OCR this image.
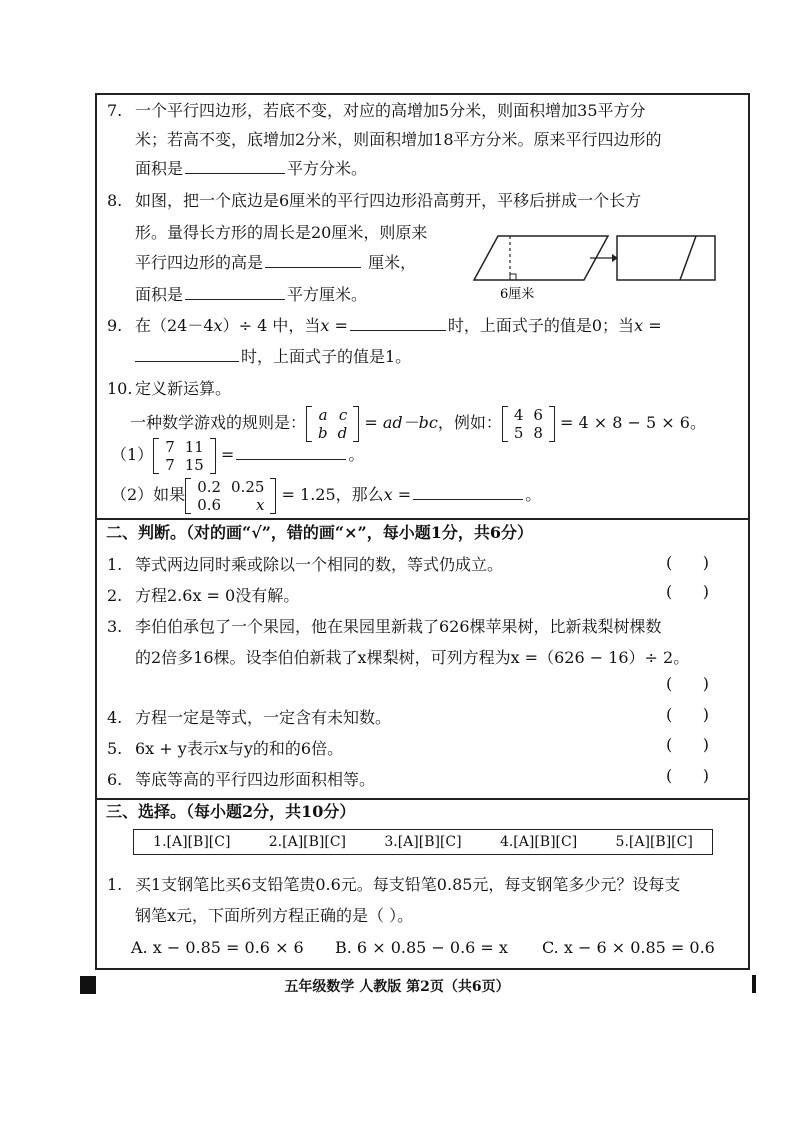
7. 一个平行四边形，若底不变，对应的高增加5分米，则面积增加35平方分
米；若高不变，底增加2分米，则面积增加18平方分米。原来平行四边形的
面积是	平方分米。
8. 如图，把一个底边是6厘米的平行四边形沿高剪开，平移后拼成一个长方
形。量得长方形的周长是20厘米，则原来
平行四边形的高是	厘米，
面积是	平方厘米。	6厘米
9. 在（24－4x）÷ 4 中，当x =	时，上面式子的值是0；当x =
时，上面式子的值是1。
10. 定义新运算。
一种数学游戏的规则是： a	c
b	d
= ad－bc，例如： 4	6
5	8
= 4 × 8 − 5 × 6。
（1） 7	11
7	15
=	。
（2）如果 0.2	0.25
0.6	x
= 1.25，那么x =	。
二、判断。（对的画“√”，错的画“×”，每小题1分，共6分）
1. 等式两边同时乘或除以一个相同的数，等式仍成立。	(      )
2. 方程2.6x = 0没有解。	(      )
3. 李伯伯承包了一个果园，他在果园里新栽了626棵苹果树，比新栽梨树棵数
的2倍多16棵。设李伯伯新栽了x棵梨树，可列方程为x =（626 − 16）÷ 2。
(      )
4. 方程一定是等式，一定含有未知数。	(      )
5. 6x + y表示x与y的和的6倍。	(      )
6. 等底等高的平行四边形面积相等。	(      )
三、选择。（每小题2分，共10分）
1.[A][B][C]	2.[A][B][C]	3.[A][B][C]	4.[A][B][C]	5.[A][B][C]
1. 买1支钢笔比买6支铅笔贵0.6元。每支铅笔0.85元，每支钢笔多少元？设每支
钢笔x元，下面所列方程正确的是（ ）。
A. x − 0.85 = 0.6 × 6 B. 6 × 0.85 − 0.6 = x C. x − 6 × 0.85 = 0.6
五年级数学 人教版 第2页（共6页）
